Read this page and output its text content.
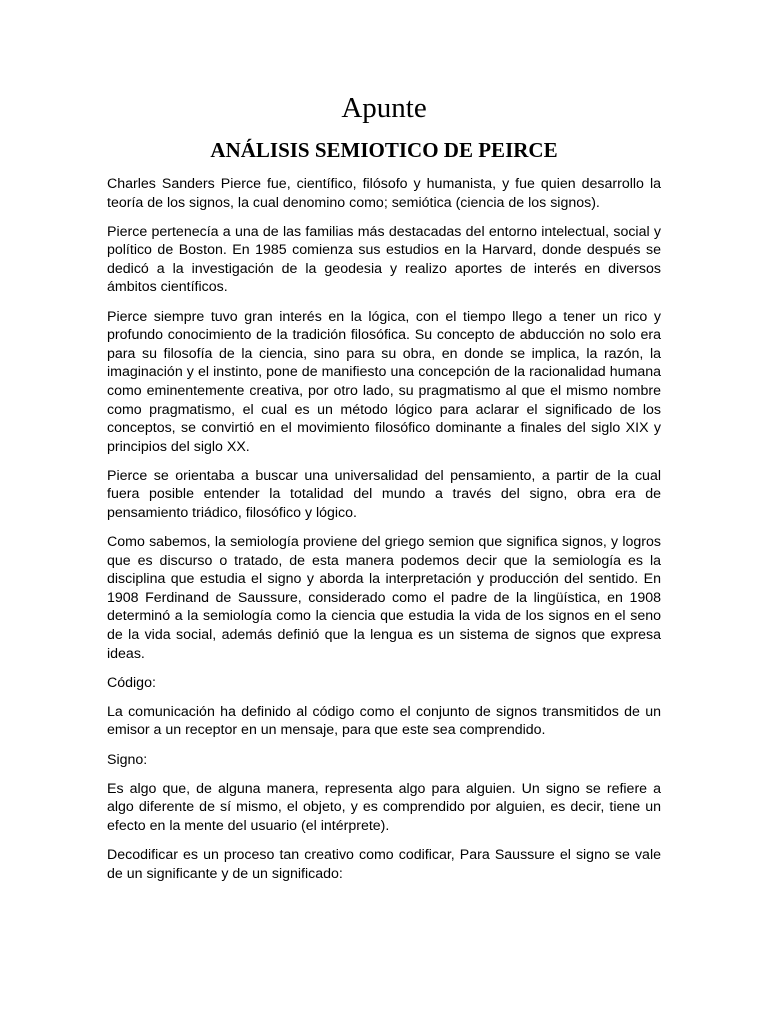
Apunte
ANÁLISIS SEMIOTICO DE PEIRCE

Charles Sanders Pierce fue, científico, filósofo y humanista, y fue quien desarrollo la teoría de los signos, la cual denomino como; semiótica (ciencia de los signos).

Pierce pertenecía a una de las familias más destacadas del entorno intelectual, social y político de Boston. En 1985 comienza sus estudios en la Harvard, donde después se dedicó a la investigación de la geodesia y realizo aportes de interés en diversos ámbitos científicos.

Pierce siempre tuvo gran interés en la lógica, con el tiempo llego a tener un rico y profundo conocimiento de la tradición filosófica. Su concepto de abducción no solo era para su filosofía de la ciencia, sino para su obra, en donde se implica, la razón, la imaginación y el instinto, pone de manifiesto una concepción de la racionalidad humana como eminentemente creativa, por otro lado, su pragmatismo al que el mismo nombre como pragmatismo, el cual es un método lógico para aclarar el significado de los conceptos, se convirtió en el movimiento filosófico dominante a finales del siglo XIX y principios del siglo XX.

Pierce se orientaba a buscar una universalidad del pensamiento, a partir de la cual fuera posible entender la totalidad del mundo a través del signo, obra era de pensamiento triádico, filosófico y lógico.

Como sabemos, la semiología proviene del griego semion que significa signos, y logros que es discurso o tratado, de esta manera podemos decir que la semiología es la disciplina que estudia el signo y aborda la interpretación y producción del sentido. En 1908 Ferdinand de Saussure, considerado como el padre de la lingüística, en 1908 determinó a la semiología como la ciencia que estudia la vida de los signos en el seno de la vida social, además definió que la lengua es un sistema de signos que expresa ideas.

Código:

La comunicación ha definido al código como el conjunto de signos transmitidos de un emisor a un receptor en un mensaje, para que este sea comprendido.

Signo:

Es algo que, de alguna manera, representa algo para alguien. Un signo se refiere a algo diferente de sí mismo, el objeto, y es comprendido por alguien, es decir, tiene un efecto en la mente del usuario (el intérprete).

Decodificar es un proceso tan creativo como codificar, Para Saussure el signo se vale de un significante y de un significado:
